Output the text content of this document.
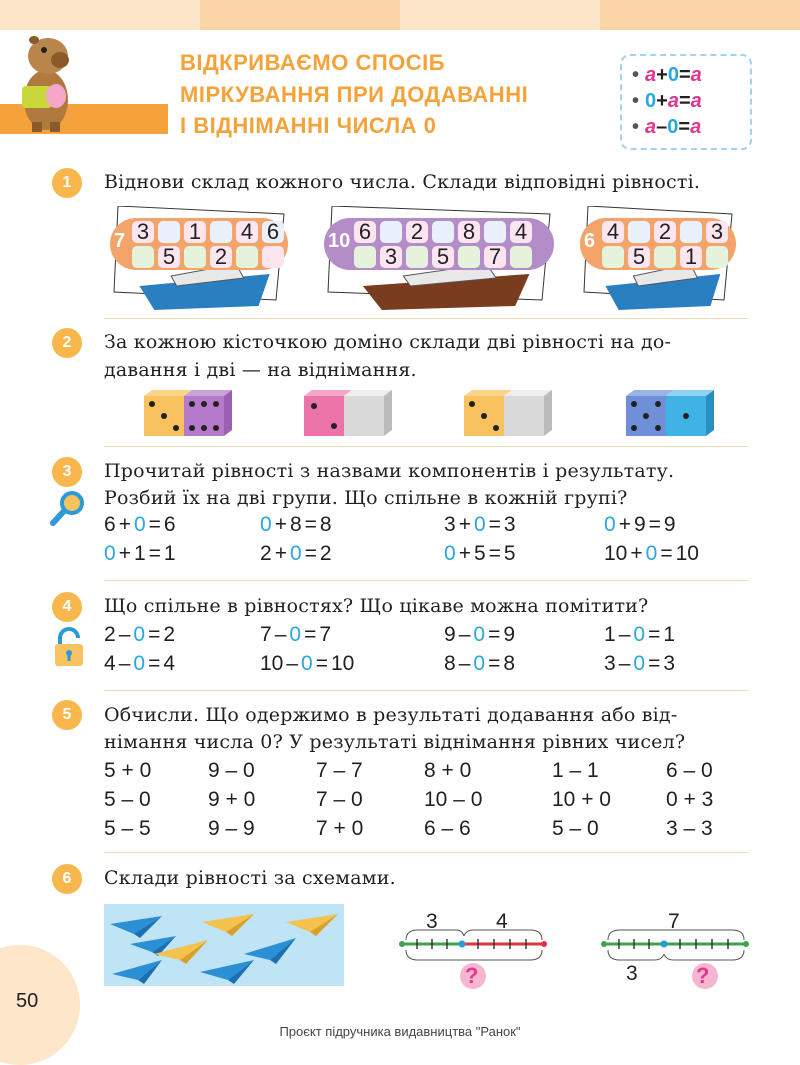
ВІДКРИВАЄМО СПОСІБ
МІРКУВАННЯ ПРИ ДОДАВАННІ
І ВІДНІМАННІ ЧИСЛА 0
• a+0=a
• 0+a=a
• a–0=a
1	Віднови склад кожного числа. Склади відповідні рівності.
2	За кожною кісточкою доміно склади дві рівності на до-
давання і дві — на віднімання.
3	Прочитай рівності з назвами компонентів і результату.
Розбий їх на дві групи. Що спільне в кожній групі?
4	Що спільне в рівностях? Що цікаве можна помітити?
5	Обчисли. Що одержимо в результаті додавання або від-
німання числа 0? У результаті віднімання рівних чисел?
6	Склади рівності за схемами.
3	4
?
7
3	?
50
Проєкт підручника видавництва "Ранок"
7 3 1 4 6
5 2
10 6 2 8 4
3 5 7
6 4 2 3
5 1
6 + 0 = 6	0 + 8 = 8	3 + 0 = 3	0 + 9 = 9
0 + 1 = 1	2 + 0 = 2	0 + 5 = 5	10 + 0 = 10
2 – 0 = 2	7 – 0 = 7	9 – 0 = 9	1 – 0 = 1
4 – 0 = 4	10 – 0 = 10	8 – 0 = 8	3 – 0 = 3
5 + 0	9 – 0	7 – 7	8 + 0	1 – 1	6 – 0
5 – 0	9 + 0	7 – 0	10 – 0	10 + 0	0 + 3
5 – 5	9 – 9	7 + 0	6 – 6	5 – 0	3 – 3
